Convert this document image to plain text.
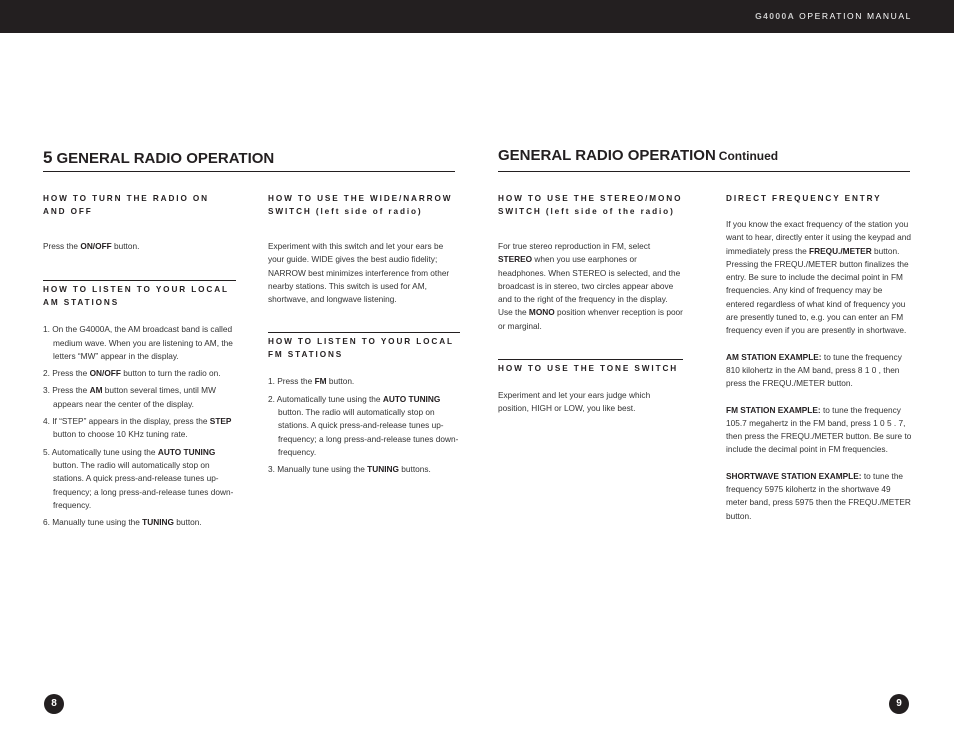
G4000A OPERATION MANUAL
5 GENERAL RADIO OPERATION
HOW TO TURN THE RADIO ON AND OFF

Press the ON/OFF button.

HOW TO LISTEN TO YOUR LOCAL AM STATIONS

1. On the G4000A, the AM broadcast band is called medium wave. When you are listening to AM, the letters “MW” appear in the display.

2. Press the ON/OFF button to turn the radio on.

3. Press the AM button several times, until MW appears near the center of the display.

4. If “STEP” appears in the display, press the STEP button to choose 10 KHz tuning rate.

5. Automatically tune using the AUTO TUNING button. The radio will automatically stop on stations. A quick press-and-release tunes up-frequency; a long press-and-release tunes down-frequency.

6. Manually tune using the TUNING button.

HOW TO USE THE WIDE/NARROW SWITCH (left side of radio)

Experiment with this switch and let your ears be your guide. WIDE gives the best audio fidelity; NARROW best minimizes interference from other nearby stations. This switch is used for AM, shortwave, and longwave listening.

HOW TO LISTEN TO YOUR LOCAL FM STATIONS

1. Press the FM button.

2. Automatically tune using the AUTO TUNING button. The radio will automatically stop on stations. A quick press-and-release tunes up-frequency; a long press-and-release tunes down-frequency.

3. Manually tune using the TUNING buttons.

GENERAL RADIO OPERATION Continued
HOW TO USE THE STEREO/MONO SWITCH (left side of the radio)

For true stereo reproduction in FM, select STEREO when you use earphones or headphones. When STEREO is selected, and the broadcast is in stereo, two circles appear above and to the right of the frequency in the display. Use the MONO position whenver reception is poor or marginal.

HOW TO USE THE TONE SWITCH

Experiment and let your ears judge which position, HIGH or LOW, you like best.

DIRECT FREQUENCY ENTRY

If you know the exact frequency of the station you want to hear, directly enter it using the keypad and immediately press the FREQU./METER button. Pressing the FREQU./METER button finalizes the entry. Be sure to include the decimal point in FM frequencies. Any kind of frequency may be entered regardless of what kind of frequency you are presently tuned to, e.g. you can enter an FM frequency even if you are presently in shortwave.

AM STATION EXAMPLE: to tune the frequency 810 kilohertz in the AM band, press 8 1 0 , then press the FREQU./METER button.

FM STATION EXAMPLE: to tune the frequency 105.7 megahertz in the FM band, press 1 0 5 . 7, then press the FREQU./METER button. Be sure to include the decimal point in FM frequencies.

SHORTWAVE STATION EXAMPLE: to tune the frequency 5975 kilohertz in the shortwave 49 meter band, press 5975 then the FREQU./METER button.

8	9
